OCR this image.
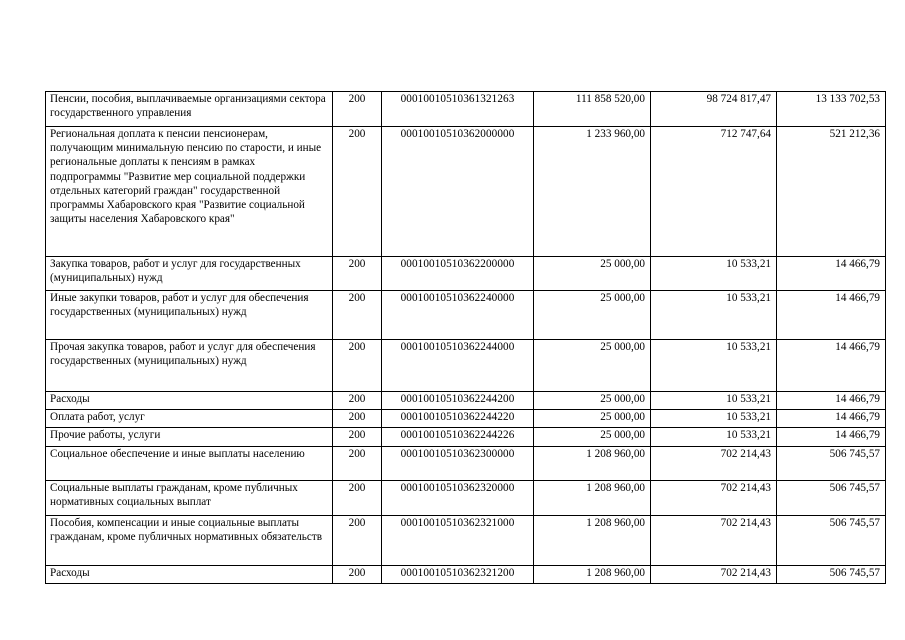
Пенсии, пособия, выплачиваемые организациями сектора государственного управления	200	00010010510361321263	111 858 520,00	98 724 817,47	13 133 702,53
Региональная доплата к пенсии пенсионерам, получающим минимальную пенсию по старости, и иные региональные доплаты к пенсиям в рамках подпрограммы "Развитие мер социальной поддержки отдельных категорий граждан" государственной программы Хабаровского края "Развитие социальной защиты населения Хабаровского края"	200	00010010510362000000	1 233 960,00	712 747,64	521 212,36
Закупка товаров, работ и услуг для государственных (муниципальных) нужд	200	00010010510362200000	25 000,00	10 533,21	14 466,79
Иные закупки товаров, работ и услуг для обеспечения государственных (муниципальных) нужд	200	00010010510362240000	25 000,00	10 533,21	14 466,79
Прочая закупка товаров, работ и услуг для обеспечения государственных (муниципальных) нужд	200	00010010510362244000	25 000,00	10 533,21	14 466,79
Расходы	200	00010010510362244200	25 000,00	10 533,21	14 466,79
Оплата работ, услуг	200	00010010510362244220	25 000,00	10 533,21	14 466,79
Прочие работы, услуги	200	00010010510362244226	25 000,00	10 533,21	14 466,79
Социальное обеспечение и иные выплаты населению	200	00010010510362300000	1 208 960,00	702 214,43	506 745,57
Социальные выплаты гражданам, кроме публичных нормативных социальных выплат	200	00010010510362320000	1 208 960,00	702 214,43	506 745,57
Пособия, компенсации и иные социальные выплаты гражданам, кроме публичных нормативных обязательств	200	00010010510362321000	1 208 960,00	702 214,43	506 745,57
Расходы	200	00010010510362321200	1 208 960,00	702 214,43	506 745,57
